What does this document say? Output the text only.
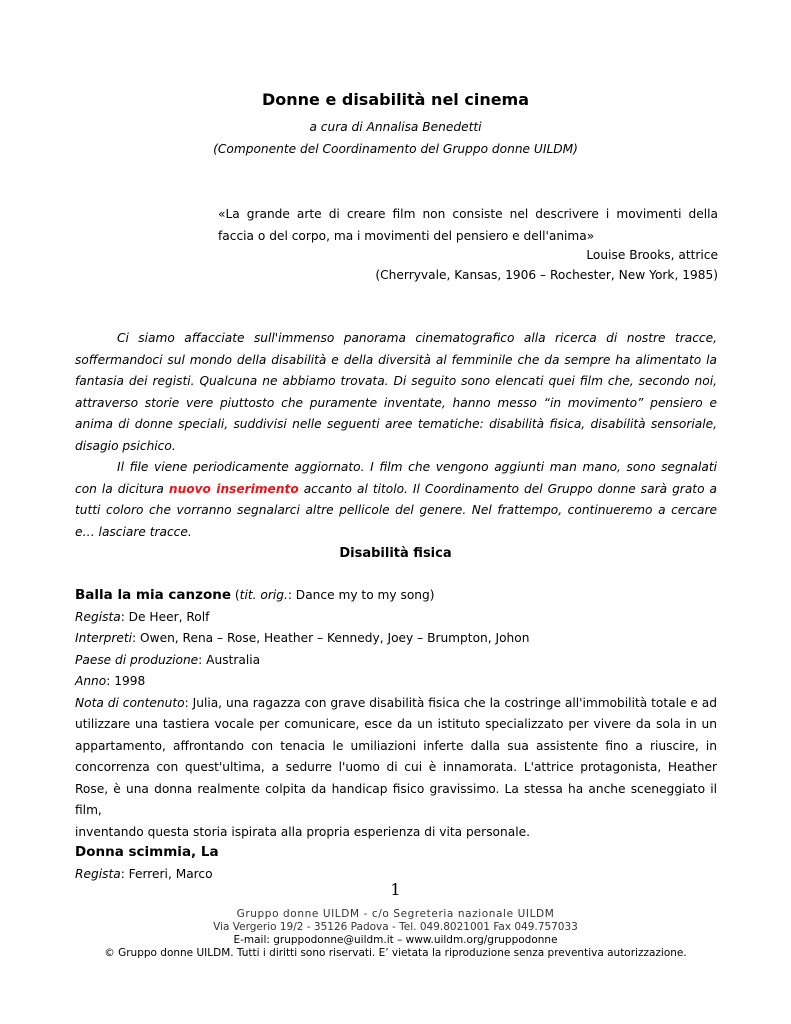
Donne e disabilità nel cinema
a cura di Annalisa Benedetti
(Componente del Coordinamento del Gruppo donne UILDM)
«La grande arte di creare film non consiste nel descrivere i movimenti della faccia o del corpo, ma i movimenti del pensiero e dell'anima»
Louise Brooks, attrice
(Cherryvale, Kansas, 1906 – Rochester, New York, 1985)

Ci siamo affacciate sull'immenso panorama cinematografico alla ricerca di nostre tracce, soffermandoci sul mondo della disabilità e della diversità al femminile che da sempre ha alimentato la fantasia dei registi. Qualcuna ne abbiamo trovata. Di seguito sono elencati quei film che, secondo noi, attraverso storie vere piuttosto che puramente inventate, hanno messo “in movimento” pensiero e anima di donne speciali, suddivisi nelle seguenti aree tematiche: disabilità fisica, disabilità sensoriale, disagio psichico.

Il file viene periodicamente aggiornato. I film che vengono aggiunti man mano, sono segnalati con la dicitura nuovo inserimento accanto al titolo. Il Coordinamento del Gruppo donne sarà grato a tutti coloro che vorranno segnalarci altre pellicole del genere. Nel frattempo, continueremo a cercare e… lasciare tracce.

Disabilità fisica

Balla la mia canzone (tit. orig.: Dance my to my song)

Regista: De Heer, Rolf

Interpreti: Owen, Rena – Rose, Heather – Kennedy, Joey – Brumpton, Johon

Paese di produzione: Australia

Anno: 1998

Nota di contenuto: Julia, una ragazza con grave disabilità fisica che la costringe all'immobilità totale e ad utilizzare una tastiera vocale per comunicare, esce da un istituto specializzato per vivere da sola in un appartamento, affrontando con tenacia le umiliazioni inferte dalla sua assistente fino a riuscire, in concorrenza con quest'ultima, a sedurre l'uomo di cui è innamorata. L'attrice protagonista, Heather Rose, è una donna realmente colpita da handicap fisico gravissimo. La stessa ha anche sceneggiato il film,

inventando questa storia ispirata alla propria esperienza di vita personale.

Donna scimmia, La

Regista: Ferreri, Marco

1
Gruppo donne UILDM - c/o Segreteria nazionale UILDM
Via Vergerio 19/2 - 35126 Padova - Tel. 049.8021001 Fax 049.757033
E-mail: gruppodonne@uildm.it – www.uildm.org/gruppodonne
© Gruppo donne UILDM. Tutti i diritti sono riservati. E’ vietata la riproduzione senza preventiva autorizzazione.
